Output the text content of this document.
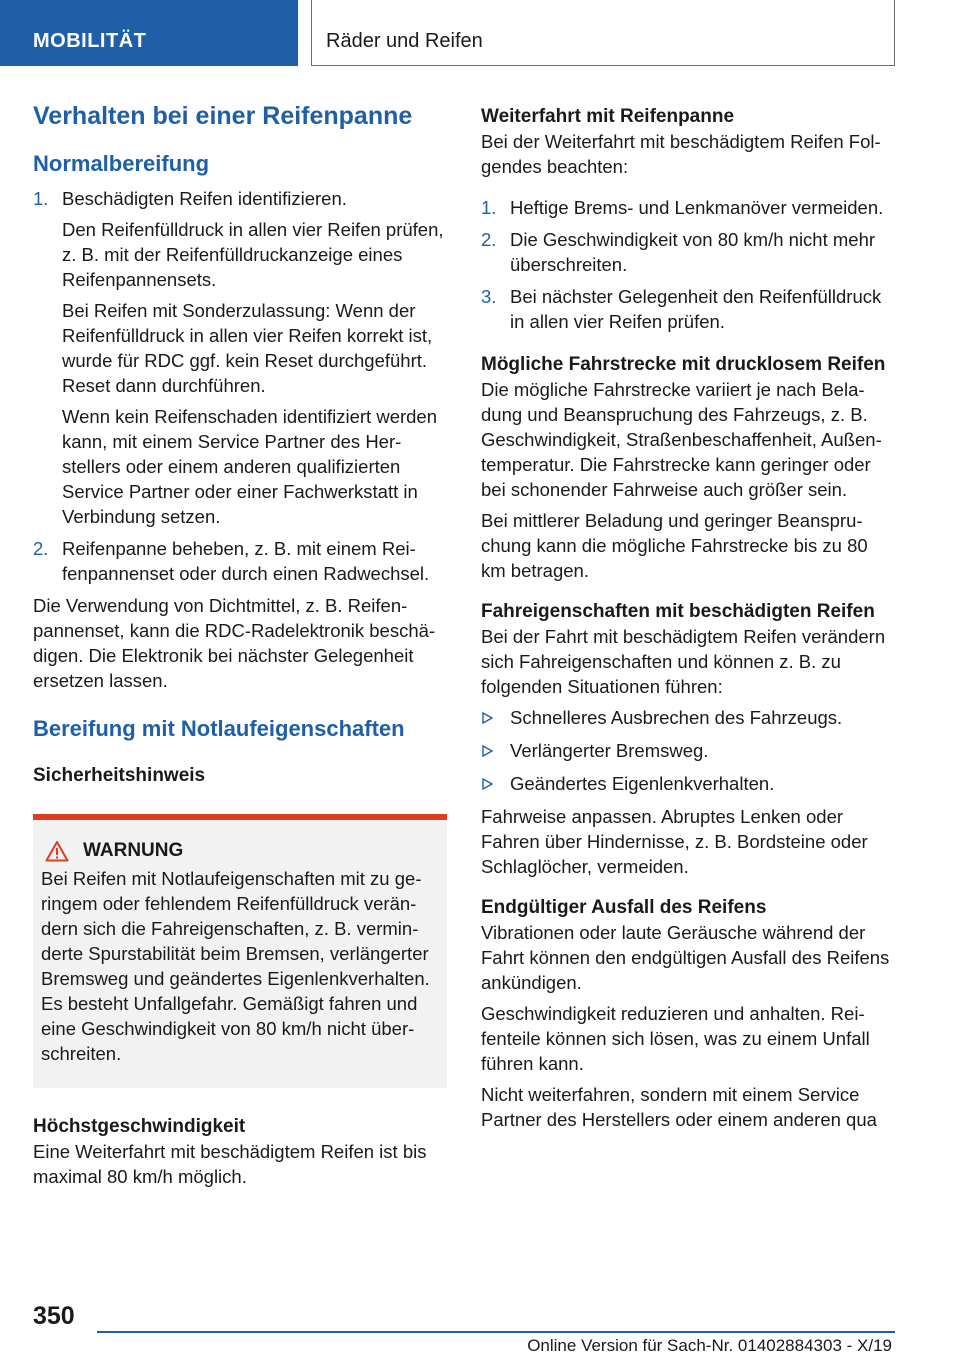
MOBILITÄT	Räder und Reifen
Verhalten bei einer Reifenpanne
Normalbereifung
1. Beschädigten Reifen identifizieren.
Den Reifenfülldruck in allen vier Reifen prüfen, z. B. mit der Reifenfülldruckanzeige eines Reifenpannensets.
Bei Reifen mit Sonderzulassung: Wenn der Reifenfülldruck in allen vier Reifen korrekt ist, wurde für RDC ggf. kein Reset durchgeführt. Reset dann durchführen.
Wenn kein Reifenschaden identifiziert werden kann, mit einem Service Partner des Herstellers oder einem anderen qualifizierten Service Partner oder einer Fachwerkstatt in Verbindung setzen.
2. Reifenpanne beheben, z. B. mit einem Reifenpannenset oder durch einen Radwechsel.
Die Verwendung von Dichtmittel, z. B. Reifenpannenset, kann die RDC-Radelektronik beschädigen. Die Elektronik bei nächster Gelegenheit ersetzen lassen.
Bereifung mit Notlaufeigenschaften
Sicherheitshinweis
WARNUNG
Bei Reifen mit Notlaufeigenschaften mit zu geringem oder fehlendem Reifenfülldruck verändern sich die Fahreigenschaften, z. B. verminderte Spurstabilität beim Bremsen, verlängerter Bremsweg und geändertes Eigenlenkverhalten. Es besteht Unfallgefahr. Gemäßigt fahren und eine Geschwindigkeit von 80 km/h nicht überschreiten.
Höchstgeschwindigkeit
Eine Weiterfahrt mit beschädigtem Reifen ist bis maximal 80 km/h möglich.
Weiterfahrt mit Reifenpanne
Bei der Weiterfahrt mit beschädigtem Reifen Folgendes beachten:
1. Heftige Brems- und Lenkmanöver vermeiden.
2. Die Geschwindigkeit von 80 km/h nicht mehr überschreiten.
3. Bei nächster Gelegenheit den Reifenfülldruck in allen vier Reifen prüfen.
Mögliche Fahrstrecke mit drucklosem Reifen
Die mögliche Fahrstrecke variiert je nach Beladung und Beanspruchung des Fahrzeugs, z. B. Geschwindigkeit, Straßenbeschaffenheit, Außentemperatur. Die Fahrstrecke kann geringer oder bei schonender Fahrweise auch größer sein.
Bei mittlerer Beladung und geringer Beanspruchung kann die mögliche Fahrstrecke bis zu 80 km betragen.
Fahreigenschaften mit beschädigten Reifen
Bei der Fahrt mit beschädigtem Reifen verändern sich Fahreigenschaften und können z. B. zu folgenden Situationen führen:
Schnelleres Ausbrechen des Fahrzeugs.
Verlängerter Bremsweg.
Geändertes Eigenlenkverhalten.
Fahrweise anpassen. Abruptes Lenken oder Fahren über Hindernisse, z. B. Bordsteine oder Schlaglöcher, vermeiden.
Endgültiger Ausfall des Reifens
Vibrationen oder laute Geräusche während der Fahrt können den endgültigen Ausfall des Reifens ankündigen.
Geschwindigkeit reduzieren und anhalten. Reifenteile können sich lösen, was zu einem Unfall führen kann.
Nicht weiterfahren, sondern mit einem Service Partner des Herstellers oder einem anderen qua
350
Online Version für Sach-Nr. 01402884303 - X/19
